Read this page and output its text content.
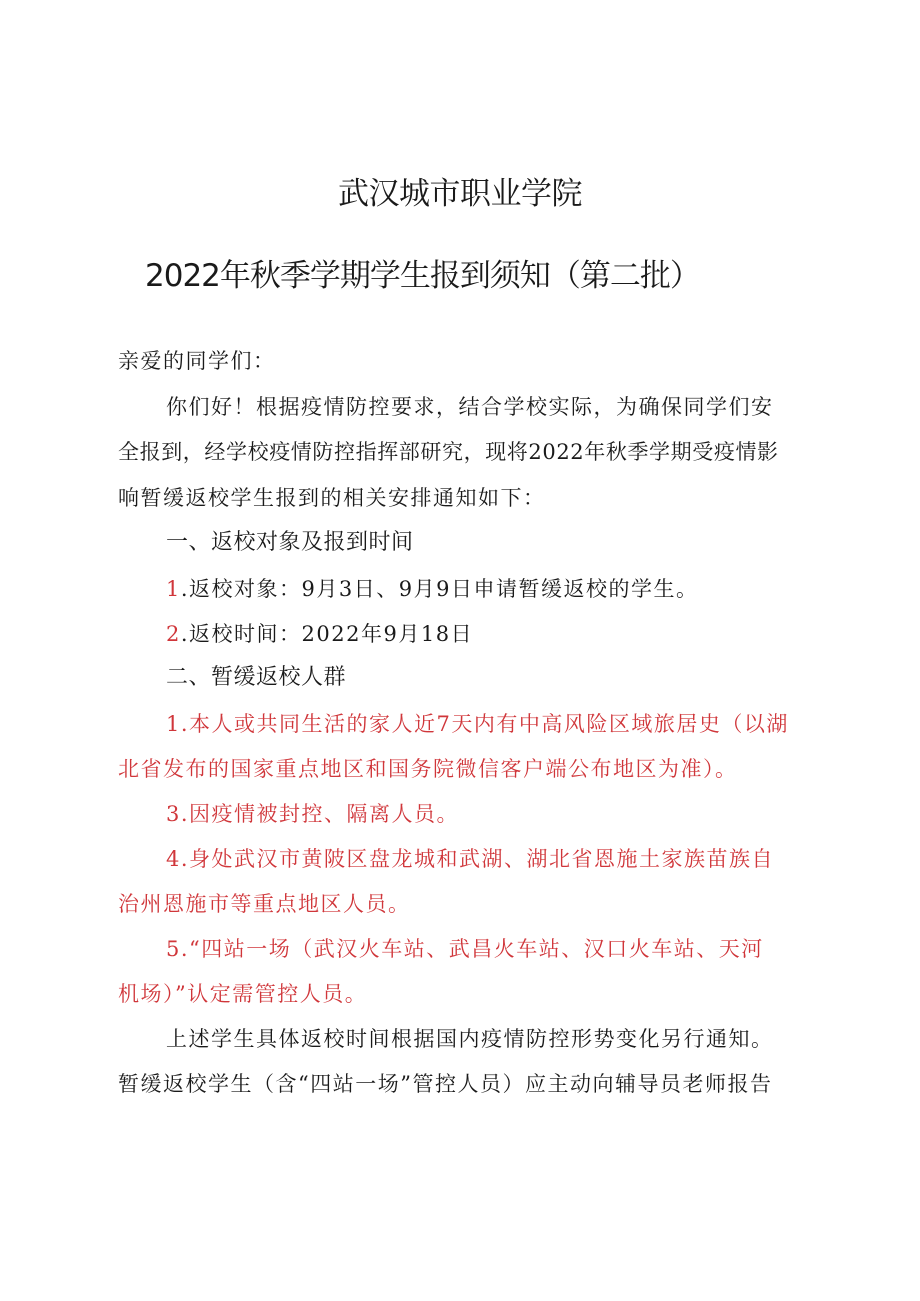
武汉城市职业学院
2022年秋季学期学生报到须知（第二批）
亲爱的同学们：
你们好！根据疫情防控要求，结合学校实际，为确保同学们安
全报到，经学校疫情防控指挥部研究，现将2022年秋季学期受疫情影
响暂缓返校学生报到的相关安排通知如下：
一、返校对象及报到时间
1.返校对象：9月3日、9月9日申请暂缓返校的学生。
2.返校时间：2022年9月18日
二、暂缓返校人群
1.本人或共同生活的家人近7天内有中高风险区域旅居史（以湖
北省发布的国家重点地区和国务院微信客户端公布地区为准）。
3.因疫情被封控、隔离人员。
4.身处武汉市黄陂区盘龙城和武湖、湖北省恩施土家族苗族自
治州恩施市等重点地区人员。
5.“四站一场（武汉火车站、武昌火车站、汉口火车站、天河
机场）”认定需管控人员。
上述学生具体返校时间根据国内疫情防控形势变化另行通知。
暂缓返校学生（含“四站一场”管控人员）应主动向辅导员老师报告
